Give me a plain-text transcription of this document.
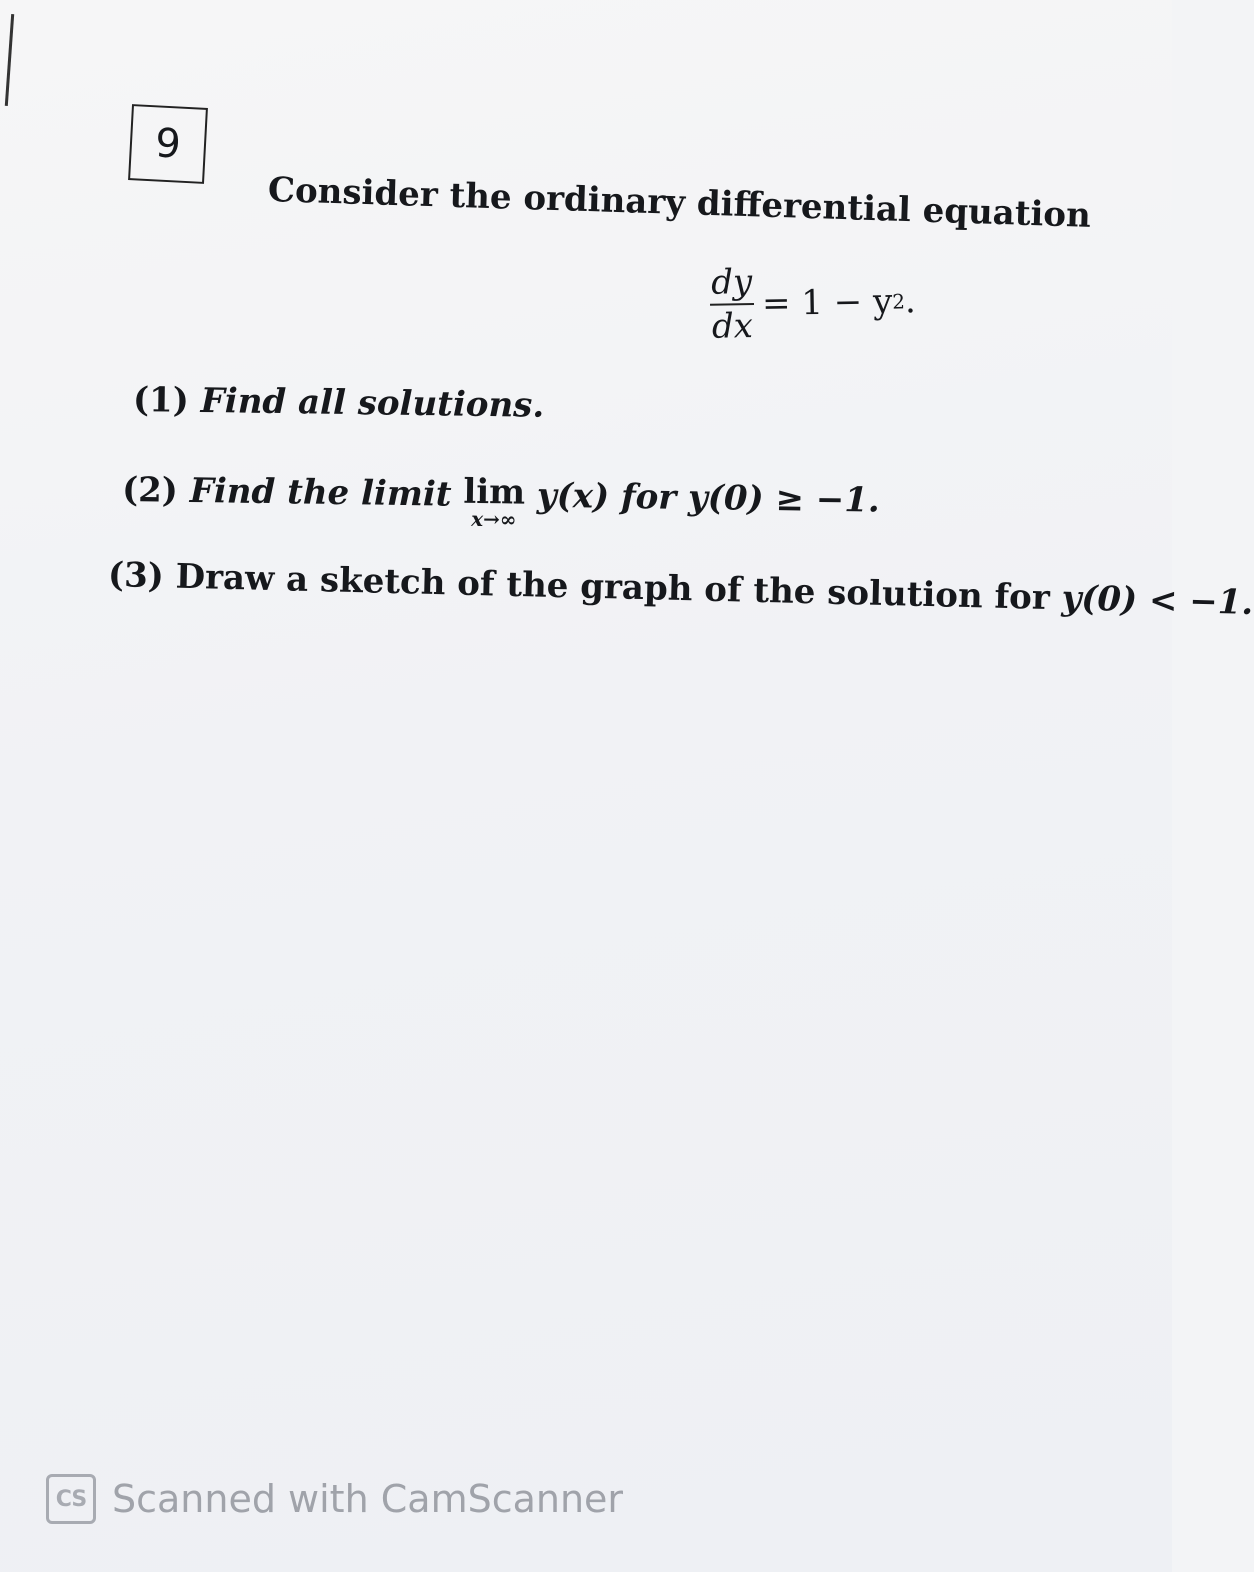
9
Consider the ordinary differential equation
$\frac{dy}{dx} = 1 - y$ 2 .
(1) Find all solutions.
(2) Find the limit lim
x→∞
y(x) for y(0) ≥ −1.
(3) Draw a sketch of the graph of the solution for y(0) < −1.
CS Scanned with CamScanner
